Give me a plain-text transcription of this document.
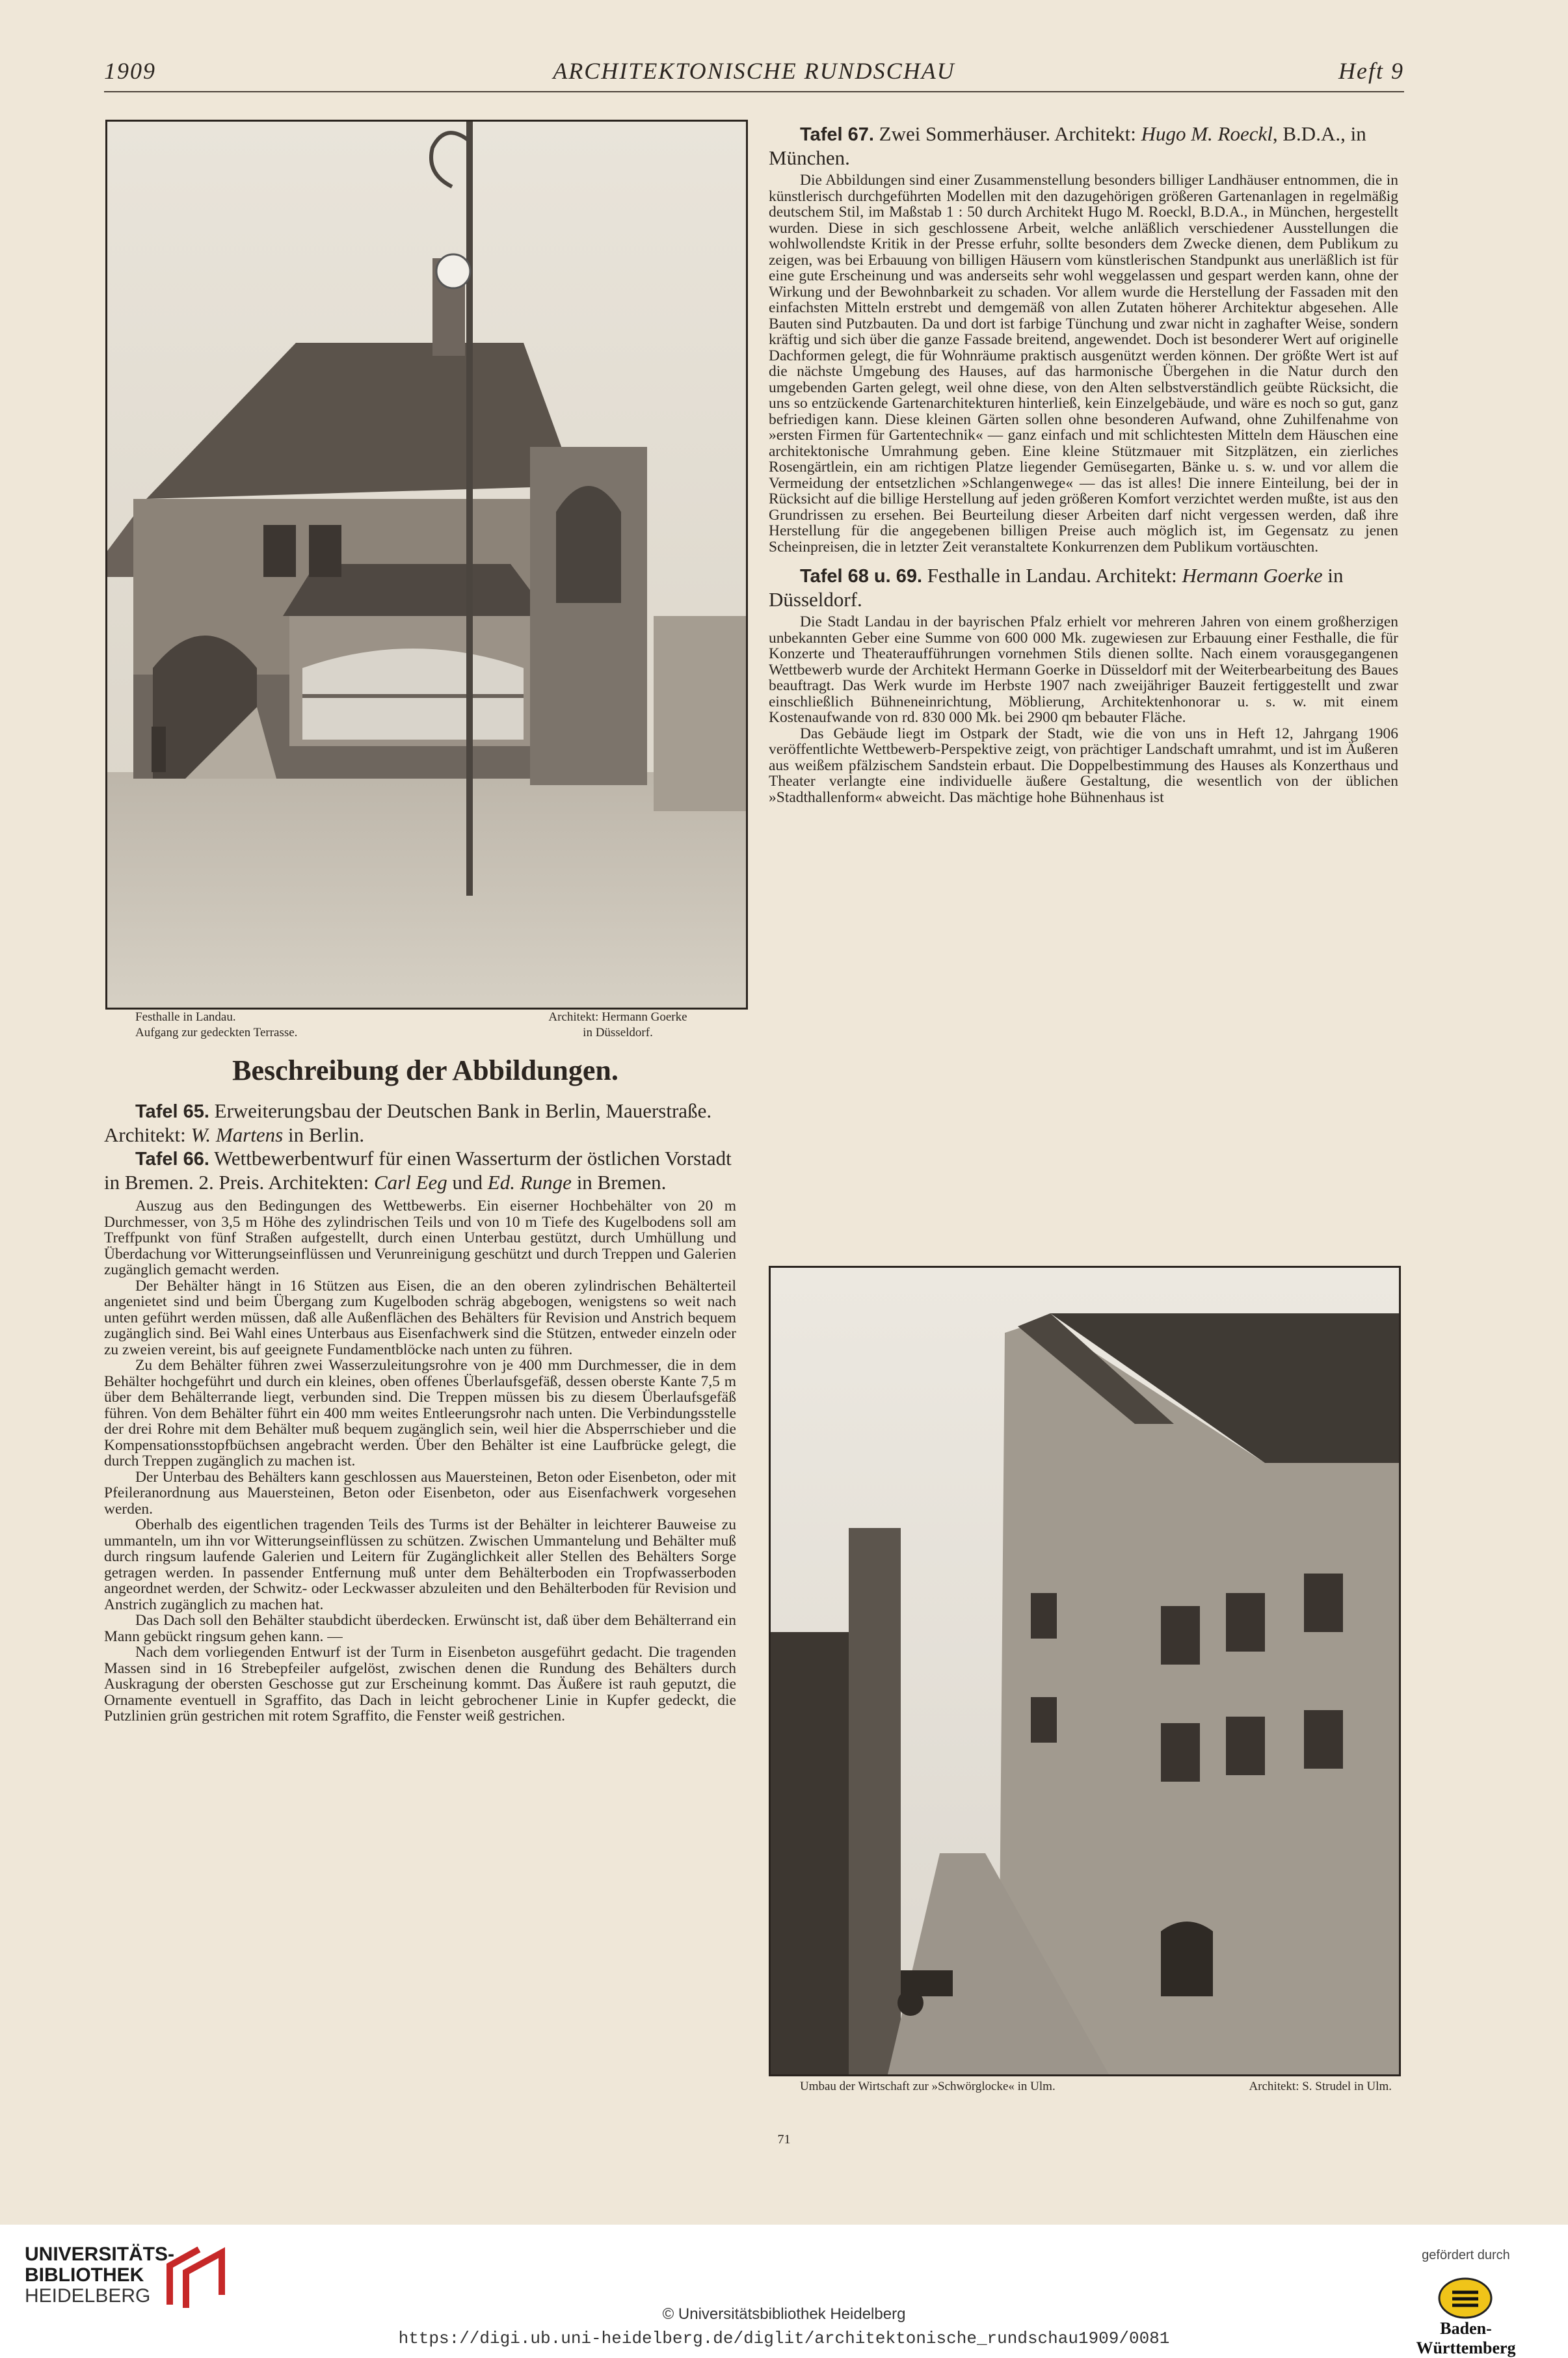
1909	ARCHITEKTONISCHE RUNDSCHAU	Heft 9
Festhalle in Landau.
Aufgang zur gedeckten Terrasse.
Architekt: Hermann Goerke
in Düsseldorf.
Beschreibung der Abbildungen.

Tafel 65. Erweiterungsbau der Deutschen Bank in Berlin, Mauerstraße. Architekt: W. Martens in Berlin.

Tafel 66. Wettbewerbentwurf für einen Wasserturm der östlichen Vorstadt in Bremen. 2. Preis. Architekten: Carl Eeg und Ed. Runge in Bremen.

Auszug aus den Bedingungen des Wettbewerbs. Ein eiserner Hochbehälter von 20 m Durchmesser, von 3,5 m Höhe des zylindrischen Teils und von 10 m Tiefe des Kugelbodens soll am Treffpunkt von fünf Straßen aufgestellt, durch einen Unterbau gestützt, durch Umhüllung und Überdachung vor Witterungseinflüssen und Verunreinigung geschützt und durch Treppen und Galerien zugänglich gemacht werden.

Der Behälter hängt in 16 Stützen aus Eisen, die an den oberen zylindrischen Behälterteil angenietet sind und beim Übergang zum Kugelboden schräg abgebogen, wenigstens so weit nach unten geführt werden müssen, daß alle Außenflächen des Behälters für Revision und Anstrich bequem zugänglich sind. Bei Wahl eines Unterbaus aus Eisenfachwerk sind die Stützen, entweder einzeln oder zu zweien vereint, bis auf geeignete Fundamentblöcke nach unten zu führen.

Zu dem Behälter führen zwei Wasserzuleitungsrohre von je 400 mm Durchmesser, die in dem Behälter hochgeführt und durch ein kleines, oben offenes Überlaufsgefäß, dessen oberste Kante 7,5 m über dem Behälterrande liegt, verbunden sind. Die Treppen müssen bis zu diesem Überlaufsgefäß führen. Von dem Behälter führt ein 400 mm weites Entleerungsrohr nach unten. Die Verbindungsstelle der drei Rohre mit dem Behälter muß bequem zugänglich sein, weil hier die Absperrschieber und die Kompensationsstopfbüchsen angebracht werden. Über den Behälter ist eine Laufbrücke gelegt, die durch Treppen zugänglich zu machen ist.

Der Unterbau des Behälters kann geschlossen aus Mauersteinen, Beton oder Eisenbeton, oder mit Pfeileranordnung aus Mauersteinen, Beton oder Eisenbeton, oder aus Eisenfachwerk vorgesehen werden.

Oberhalb des eigentlichen tragenden Teils des Turms ist der Behälter in leichterer Bauweise zu ummanteln, um ihn vor Witterungseinflüssen zu schützen. Zwischen Ummantelung und Behälter muß durch ringsum laufende Galerien und Leitern für Zugänglichkeit aller Stellen des Behälters Sorge getragen werden. In passender Entfernung muß unter dem Behälterboden ein Tropfwasserboden angeordnet werden, der Schwitz- oder Leckwasser abzuleiten und den Behälterboden für Revision und Anstrich zugänglich zu machen hat.

Das Dach soll den Behälter staubdicht überdecken. Erwünscht ist, daß über dem Behälterrand ein Mann gebückt ringsum gehen kann. —

Nach dem vorliegenden Entwurf ist der Turm in Eisenbeton ausgeführt gedacht. Die tragenden Massen sind in 16 Strebepfeiler aufgelöst, zwischen denen die Rundung des Behälters durch Auskragung der obersten Geschosse gut zur Erscheinung kommt. Das Äußere ist rauh geputzt, die Ornamente eventuell in Sgraffito, das Dach in leicht gebrochener Linie in Kupfer gedeckt, die Putzlinien grün gestrichen mit rotem Sgraffito, die Fenster weiß gestrichen.

Tafel 67. Zwei Sommerhäuser. Architekt: Hugo M. Roeckl, B.D.A., in München.

Die Abbildungen sind einer Zusammenstellung besonders billiger Landhäuser entnommen, die in künstlerisch durchgeführten Modellen mit den dazugehörigen größeren Gartenanlagen in regelmäßig deutschem Stil, im Maßstab 1 : 50 durch Architekt Hugo M. Roeckl, B.D.A., in München, hergestellt wurden. Diese in sich geschlossene Arbeit, welche anläßlich verschiedener Ausstellungen die wohlwollendste Kritik in der Presse erfuhr, sollte besonders dem Zwecke dienen, dem Publikum zu zeigen, was bei Erbauung von billigen Häusern vom künstlerischen Standpunkt aus unerläßlich ist für eine gute Erscheinung und was anderseits sehr wohl weggelassen und gespart werden kann, ohne der Wirkung und der Bewohnbarkeit zu schaden. Vor allem wurde die Herstellung der Fassaden mit den einfachsten Mitteln erstrebt und demgemäß von allen Zutaten höherer Architektur abgesehen. Alle Bauten sind Putzbauten. Da und dort ist farbige Tünchung und zwar nicht in zaghafter Weise, sondern kräftig und sich über die ganze Fassade breitend, angewendet. Doch ist besonderer Wert auf originelle Dachformen gelegt, die für Wohnräume praktisch ausgenützt werden können. Der größte Wert ist auf die nächste Umgebung des Hauses, auf das harmonische Übergehen in die Natur durch den umgebenden Garten gelegt, weil ohne diese, von den Alten selbstverständlich geübte Rücksicht, die uns so entzückende Gartenarchitekturen hinterließ, kein Einzelgebäude, und wäre es noch so gut, ganz befriedigen kann. Diese kleinen Gärten sollen ohne besonderen Aufwand, ohne Zuhilfenahme von »ersten Firmen für Gartentechnik« — ganz einfach und mit schlichtesten Mitteln dem Häuschen eine architektonische Umrahmung geben. Eine kleine Stützmauer mit Sitzplätzen, ein zierliches Rosengärtlein, ein am richtigen Platze liegender Gemüsegarten, Bänke u. s. w. und vor allem die Vermeidung der entsetzlichen »Schlangenwege« — das ist alles! Die innere Einteilung, bei der in Rücksicht auf die billige Herstellung auf jeden größeren Komfort verzichtet werden mußte, ist aus den Grundrissen zu ersehen. Bei Beurteilung dieser Arbeiten darf nicht vergessen werden, daß ihre Herstellung für die angegebenen billigen Preise auch möglich ist, im Gegensatz zu jenen Scheinpreisen, die in letzter Zeit veranstaltete Konkurrenzen dem Publikum vortäuschten.

Tafel 68 u. 69. Festhalle in Landau. Architekt: Hermann Goerke in Düsseldorf.

Die Stadt Landau in der bayrischen Pfalz erhielt vor mehreren Jahren von einem großherzigen unbekannten Geber eine Summe von 600 000 Mk. zugewiesen zur Erbauung einer Festhalle, die für Konzerte und Theateraufführungen vornehmen Stils dienen sollte. Nach einem vorausgegangenen Wettbewerb wurde der Architekt Hermann Goerke in Düsseldorf mit der Weiterbearbeitung des Baues beauftragt. Das Werk wurde im Herbste 1907 nach zweijähriger Bauzeit fertiggestellt und zwar einschließlich Bühneneinrichtung, Möblierung, Architektenhonorar u. s. w. mit einem Kostenaufwande von rd. 830 000 Mk. bei 2900 qm bebauter Fläche.

Das Gebäude liegt im Ostpark der Stadt, wie die von uns in Heft 12, Jahrgang 1906 veröffentlichte Wettbewerb-Perspektive zeigt, von prächtiger Landschaft umrahmt, und ist im Äußeren aus weißem pfälzischem Sandstein erbaut. Die Doppelbestimmung des Hauses als Konzerthaus und Theater verlangte eine individuelle äußere Gestaltung, die wesentlich von der üblichen »Stadthallenform« abweicht. Das mächtige hohe Bühnenhaus ist

Umbau der Wirtschaft zur »Schwörglocke« in Ulm.	Architekt: S. Strudel in Ulm.
71
UNIVERSITÄTS-
BIBLIOTHEK
HEIDELBERG
© Universitätsbibliothek Heidelberg
https://digi.ub.uni-heidelberg.de/diglit/architektonische_rundschau1909/0081
gefördert durch
Baden-Württemberg
